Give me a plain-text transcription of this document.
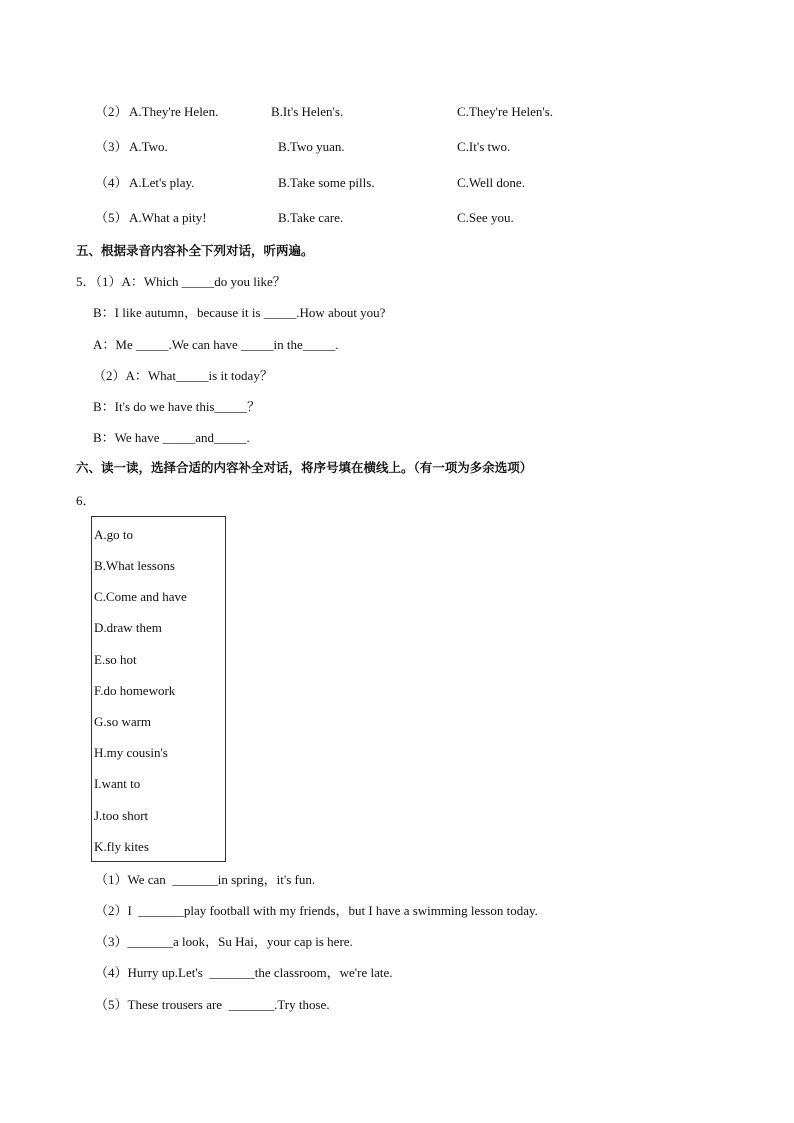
（2） A.They're Helen.	B.It's Helen's.	C.They're Helen's.
（3） A.Two.	B.Two yuan.	C.It's two.
（4） A.Let's play.	B.Take some pills.	C.Well done.
（5） A.What a pity!	B.Take care.	C.See you.
五、根据录音内容补全下列对话，听两遍。
5．（1）A：Which _____do you like？
B：I like autumn，because it is _____.How about you?
A：Me _____.We can have _____in the_____.
（2）A：What_____is it today？
B：It's do we have this_____？
B：We have _____and_____.
六、读一读，选择合适的内容补全对话，将序号填在横线上。（有一项为多余选项）
6．
A.go to
B.What lessons
C.Come and have
D.draw them
E.so hot
F.do homework
G.so warm
H.my cousin's
I.want to
J.too short
K.fly kites
（1）We can  _______in spring，it's fun.
（2）I  _______play football with my friends，but I have a swimming lesson today.
（3）_______a look，Su Hai，your cap is here.
（4）Hurry up.Let's  _______the classroom，we're late.
（5）These trousers are  _______.Try those.
